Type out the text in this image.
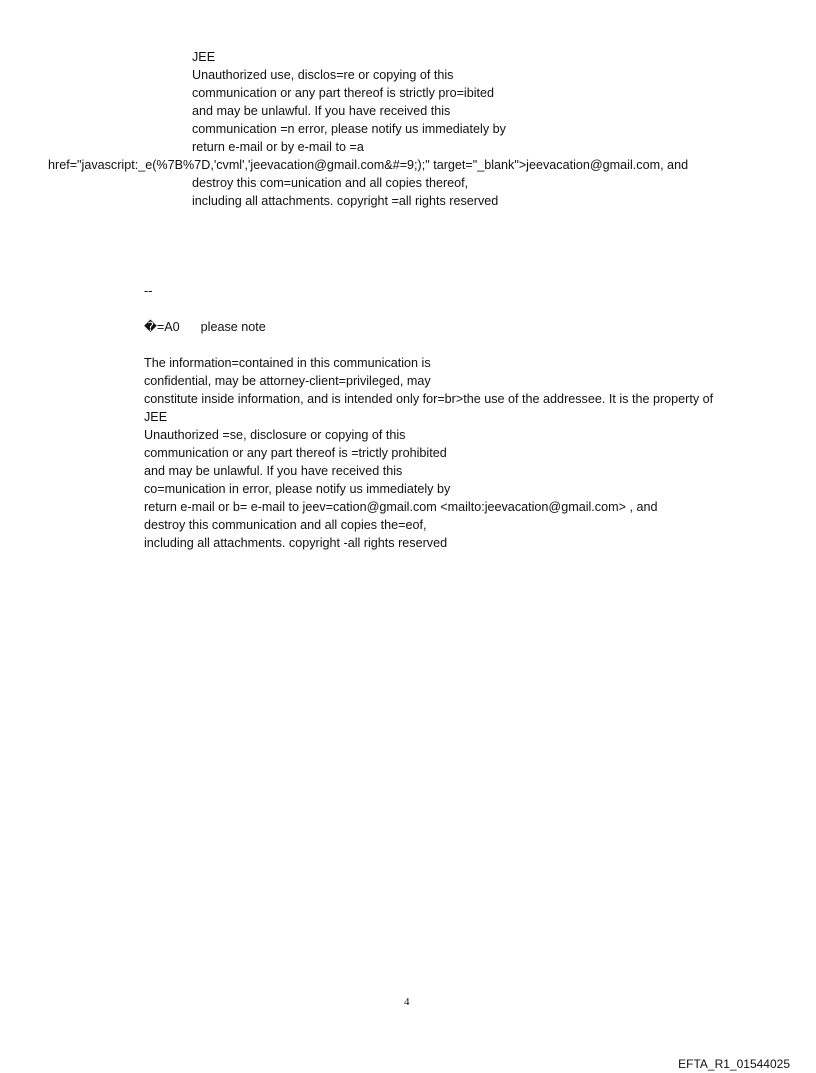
JEE
Unauthorized use, disclos=re or copying of this
communication or any part thereof is strictly pro=ibited
and may be unlawful. If you have received this
communication =n error, please notify us immediately by
return e-mail or by e-mail to =a
href="javascript:_e(%7B%7D,'cvml','jeevacation@gmail.com&#=9;);" target="_blank">jeevacation@gmail.com, and
destroy this com=unication and all copies thereof,
including all attachments. copyright =all rights reserved
--
�=A0      please note
The information=contained in this communication is
confidential, may be attorney-client=privileged, may
constitute inside information, and is intended only for=br>the use of the addressee. It is the property of
JEE
Unauthorized =se, disclosure or copying of this
communication or any part thereof is =trictly prohibited
and may be unlawful. If you have received this
co=munication in error, please notify us immediately by
return e-mail or b= e-mail to jeev=cation@gmail.com <mailto:jeevacation@gmail.com> , and
destroy this communication and all copies the=eof,
including all attachments. copyright -all rights reserved
4
EFTA_R1_01544025
